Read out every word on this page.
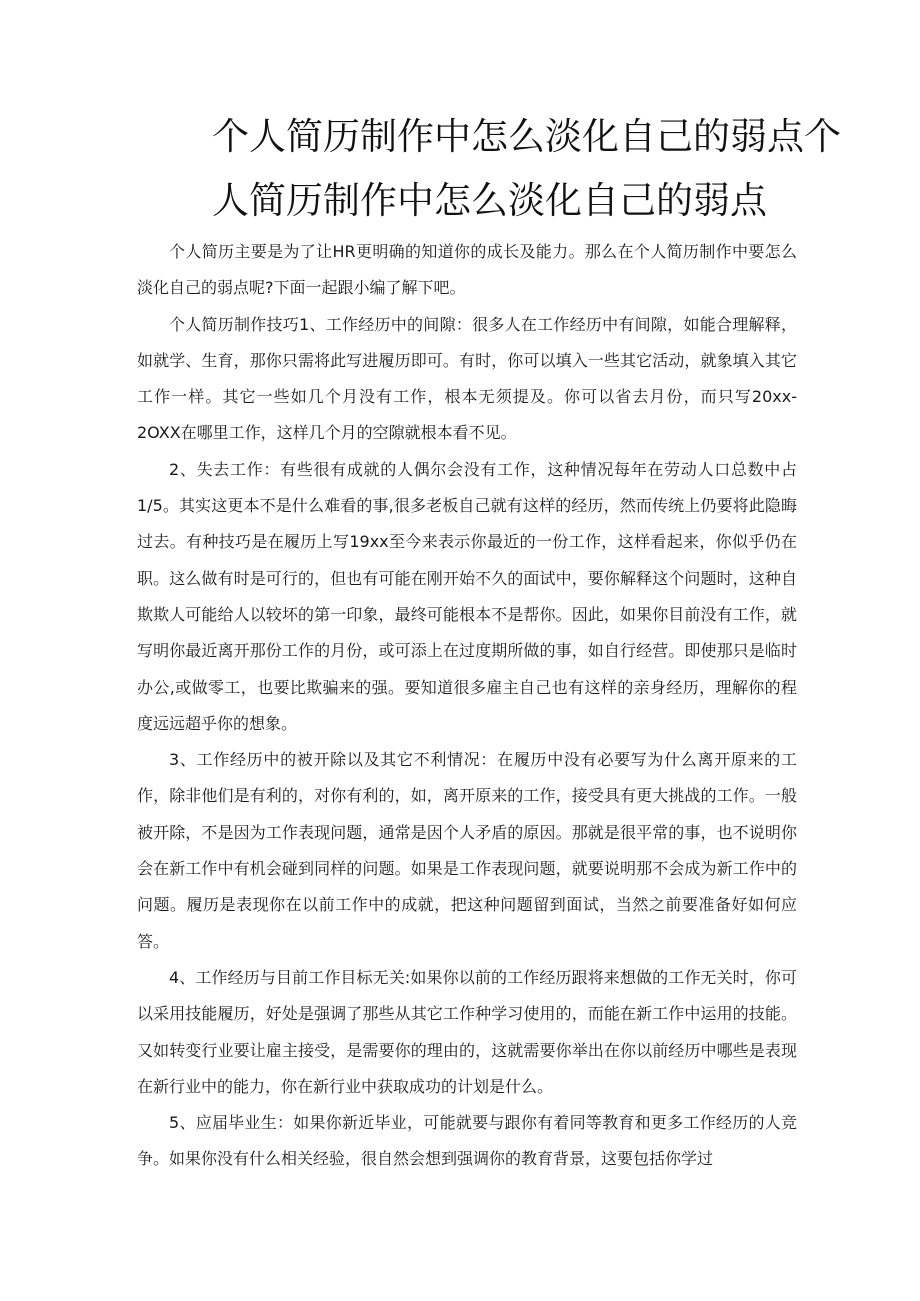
个人简历制作中怎么淡化自己的弱点个
人简历制作中怎么淡化自己的弱点

个人简历主要是为了让HR更明确的知道你的成长及能力。那么在个人简历制作中要怎么淡化自己的弱点呢?下面一起跟小编了解下吧。

个人简历制作技巧1、工作经历中的间隙：很多人在工作经历中有间隙，如能合理解释，如就学、生育，那你只需将此写进履历即可。有时，你可以填入一些其它活动，就象填入其它工作一样。其它一些如几个月没有工作，根本无须提及。你可以省去月份，而只写20xx-2OXX在哪里工作，这样几个月的空隙就根本看不见。

2、失去工作：有些很有成就的人偶尔会没有工作，这种情况每年在劳动人口总数中占1/5。其实这更本不是什么难看的事,很多老板自己就有这样的经历，然而传统上仍要将此隐晦过去。有种技巧是在履历上写19xx至今来表示你最近的一份工作，这样看起来，你似乎仍在职。这么做有时是可行的，但也有可能在刚开始不久的面试中，要你解释这个问题时，这种自欺欺人可能给人以较坏的第一印象，最终可能根本不是帮你。因此，如果你目前没有工作，就写明你最近离开那份工作的月份，或可添上在过度期所做的事，如自行经营。即使那只是临时办公,或做零工，也要比欺骗来的强。要知道很多雇主自己也有这样的亲身经历，理解你的程度远远超乎你的想象。

3、工作经历中的被开除以及其它不利情况：在履历中没有必要写为什么离开原来的工作，除非他们是有利的，对你有利的，如，离开原来的工作，接受具有更大挑战的工作。一般被开除，不是因为工作表现问题，通常是因个人矛盾的原因。那就是很平常的事，也不说明你会在新工作中有机会碰到同样的问题。如果是工作表现问题，就要说明那不会成为新工作中的问题。履历是表现你在以前工作中的成就，把这种问题留到面试，当然之前要准备好如何应答。

4、工作经历与目前工作目标无关:如果你以前的工作经历跟将来想做的工作无关时，你可以采用技能履历，好处是强调了那些从其它工作种学习使用的，而能在新工作中运用的技能。又如转变行业要让雇主接受，是需要你的理由的，这就需要你举出在你以前经历中哪些是表现在新行业中的能力，你在新行业中获取成功的计划是什么。

5、应届毕业生：如果你新近毕业，可能就要与跟你有着同等教育和更多工作经历的人竞争。如果你没有什么相关经验，很自然会想到强调你的教育背景，这要包括你学过
